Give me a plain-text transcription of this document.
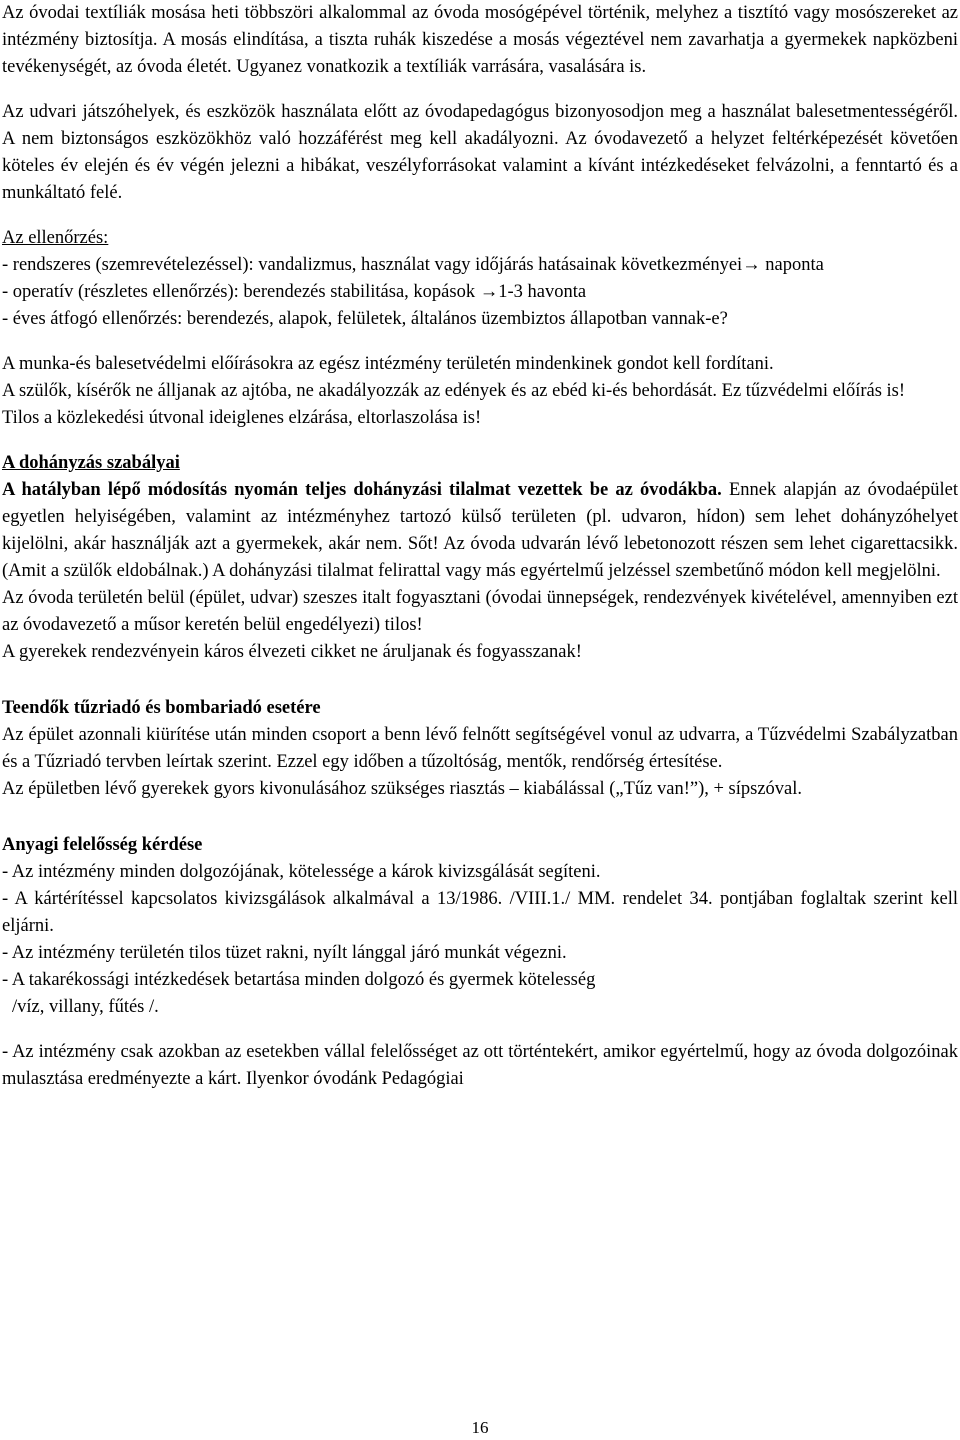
Az óvodai textíliák mosása heti többszöri alkalommal az óvoda mosógépével történik, melyhez a tisztító vagy mosószereket az intézmény biztosítja. A mosás elindítása, a tiszta ruhák kiszedése a mosás végeztével nem zavarhatja a gyermekek napközbeni tevékenységét, az óvoda életét. Ugyanez vonatkozik a textíliák varrására, vasalására is.

Az udvari játszóhelyek, és eszközök használata előtt az óvodapedagógus bizonyosodjon meg a használat balesetmentességéről. A nem biztonságos eszközökhöz való hozzáférést meg kell akadályozni. Az óvodavezető a helyzet feltérképezését követően köteles év elején és év végén jelezni a hibákat, veszélyforrásokat valamint a kívánt intézkedéseket felvázolni, a fenntartó és a munkáltató felé.

Az ellenőrzés:

- rendszeres (szemrevételezéssel): vandalizmus, használat vagy időjárás hatásainak következményei→ naponta

- operatív (részletes ellenőrzés): berendezés stabilitása, kopások →1-3 havonta

- éves átfogó ellenőrzés: berendezés, alapok, felületek, általános üzembiztos állapotban vannak-e?

A munka-és balesetvédelmi előírásokra az egész intézmény területén mindenkinek gondot kell fordítani.

A szülők, kísérők ne álljanak az ajtóba, ne akadályozzák az edények és az ebéd ki-és behordását. Ez tűzvédelmi előírás is!

Tilos a közlekedési útvonal ideiglenes elzárása, eltorlaszolása is!

A dohányzás szabályai

A hatályban lépő módosítás nyomán teljes dohányzási tilalmat vezettek be az óvodákba. Ennek alapján az óvodaépület egyetlen helyiségében, valamint az intézményhez tartozó külső területen (pl. udvaron, hídon) sem lehet dohányzóhelyet kijelölni, akár használják azt a gyermekek, akár nem. Sőt! Az óvoda udvarán lévő lebetonozott részen sem lehet cigarettacsikk. (Amit a szülők eldobálnak.) A dohányzási tilalmat felirattal vagy más egyértelmű jelzéssel szembetűnő módon kell megjelölni.

Az óvoda területén belül (épület, udvar) szeszes italt fogyasztani (óvodai ünnepségek, rendezvények kivételével, amennyiben ezt az óvodavezető a műsor keretén belül engedélyezi) tilos!

A gyerekek rendezvényein káros élvezeti cikket ne áruljanak és fogyasszanak!

Teendők tűzriadó és bombariadó esetére

Az épület azonnali kiürítése után minden csoport a benn lévő felnőtt segítségével vonul az udvarra, a Tűzvédelmi Szabályzatban és a Tűzriadó tervben leírtak szerint. Ezzel egy időben a tűzoltóság, mentők, rendőrség értesítése.

Az épületben lévő gyerekek gyors kivonulásához szükséges riasztás – kiabálással („Tűz van!”), + sípszóval.

Anyagi felelősség kérdése

- Az intézmény minden dolgozójának, kötelessége a károk kivizsgálását segíteni.

- A kártérítéssel kapcsolatos kivizsgálások alkalmával a 13/1986. /VIII.1./ MM. rendelet 34. pontjában foglaltak szerint kell eljárni.

- Az intézmény területén tilos tüzet rakni, nyílt lánggal járó munkát végezni.

- A takarékossági intézkedések betartása minden dolgozó és gyermek kötelesség

/víz, villany, fűtés /.

- Az intézmény csak azokban az esetekben vállal felelősséget az ott történtekért, amikor egyértelmű, hogy az óvoda dolgozóinak mulasztása eredményezte a kárt. Ilyenkor óvodánk Pedagógiai

16
